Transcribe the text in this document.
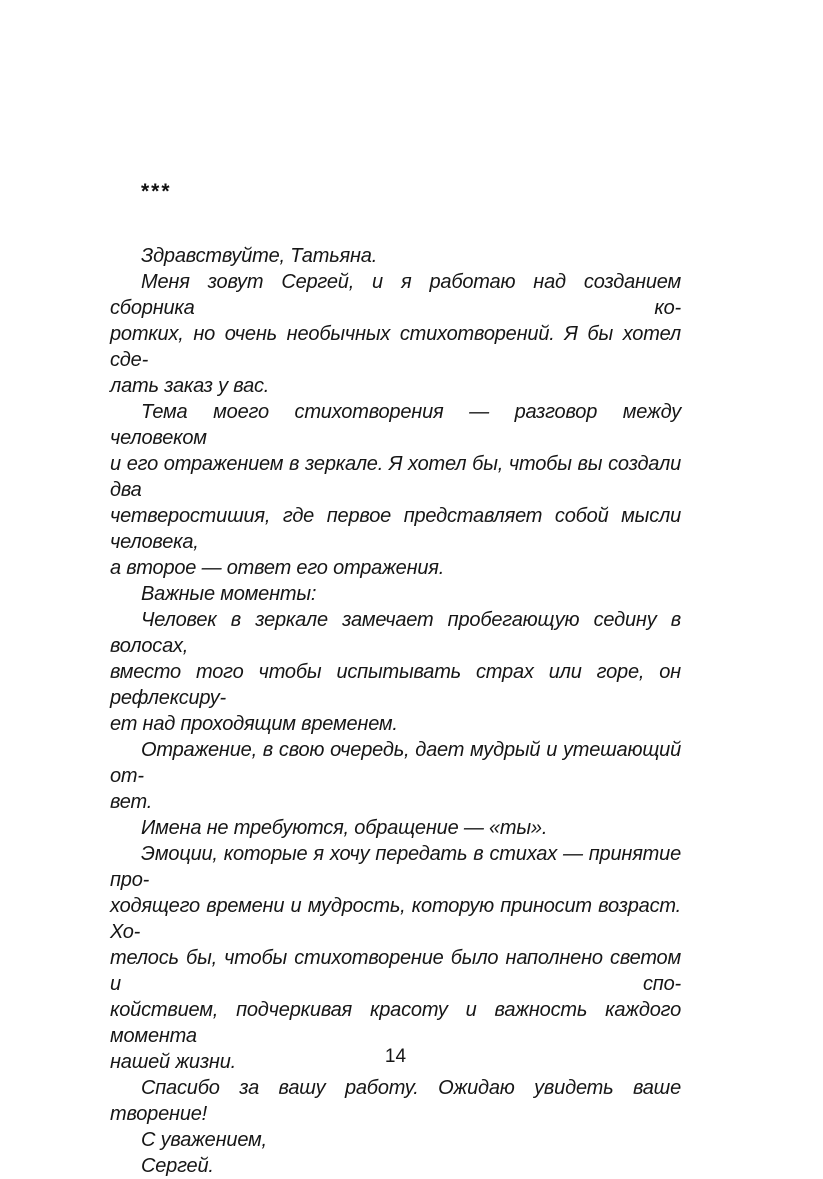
***
Здравствуйте, Татьяна.
Меня зовут Сергей, и я работаю над созданием сборника ко-
ротких, но очень необычных стихотворений. Я бы хотел сде-
лать заказ у вас.
Тема моего стихотворения — разговор между человеком
и его отражением в зеркале. Я хотел бы, чтобы вы создали два
четверостишия, где первое представляет собой мысли человека,
а второе — ответ его отражения.
Важные моменты:
Человек в зеркале замечает пробегающую седину в волосах,
вместо того чтобы испытывать страх или горе, он рефлексиру-
ет над проходящим временем.
Отражение, в свою очередь, дает мудрый и утешающий от-
вет.
Имена не требуются, обращение — «ты».
Эмоции, которые я хочу передать в стихах — принятие про-
ходящего времени и мудрость, которую приносит возраст. Хо-
телось бы, чтобы стихотворение было наполнено светом и спо-
койствием, подчеркивая красоту и важность каждого момента
нашей жизни.
Спасибо за вашу работу. Ожидаю увидеть ваше творение!
С уважением,
Сергей.
14
